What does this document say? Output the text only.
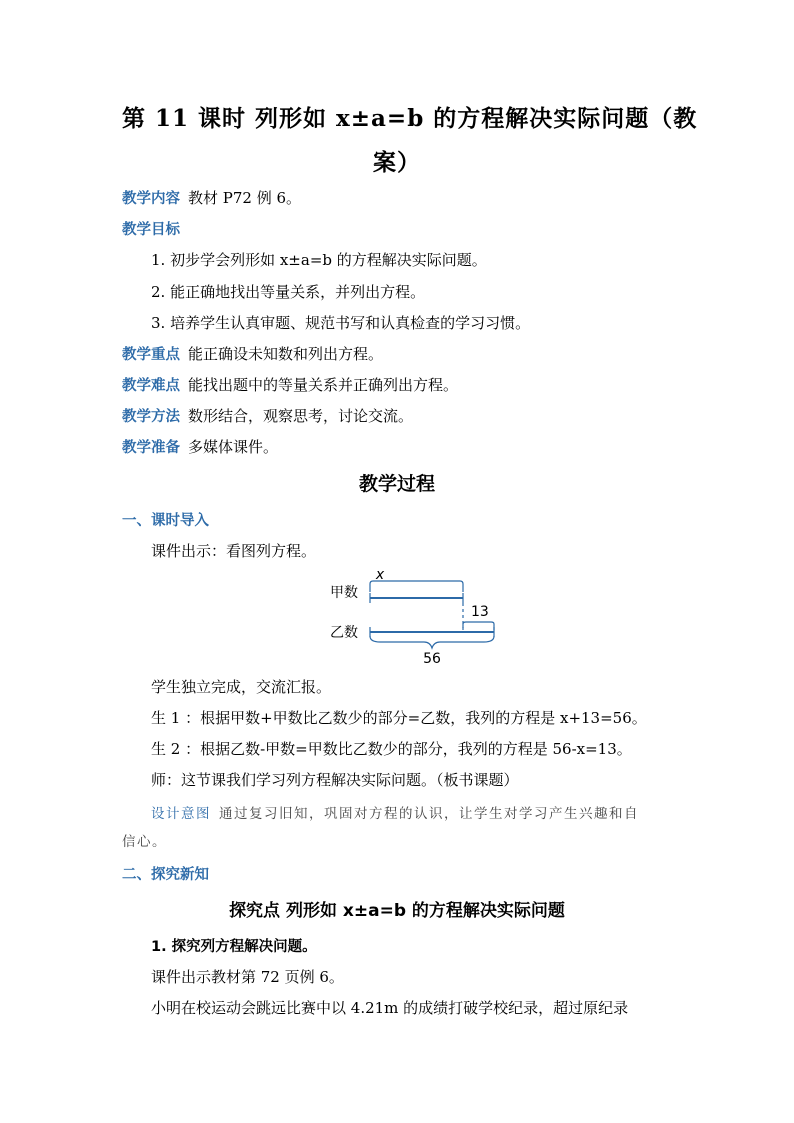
第 11 课时 列形如 x±a=b 的方程解决实际问题（教
案）
教学内容 教材 P72 例 6。
教学目标
1. 初步学会列形如 x±a=b 的方程解决实际问题。
2. 能正确地找出等量关系，并列出方程。
3. 培养学生认真审题、规范书写和认真检查的学习习惯。
教学重点 能正确设未知数和列出方程。
教学难点 能找出题中的等量关系并正确列出方程。
教学方法 数形结合，观察思考，讨论交流。
教学准备 多媒体课件。
教学过程
一、课时导入
课件出示：看图列方程。
x
甲数
13
乙数
56
学生独立完成，交流汇报。
生 1 ：根据甲数+甲数比乙数少的部分=乙数，我列的方程是 x+13=56。
生 2 ：根据乙数-甲数=甲数比乙数少的部分，我列的方程是 56-x=13。
师：这节课我们学习列方程解决实际问题。（板书课题）
设计意图 通过复习旧知，巩固对方程的认识，让学生对学习产生兴趣和自
信心。
二、探究新知
探究点 列形如 x±a=b 的方程解决实际问题
1. 探究列方程解决问题。
课件出示教材第 72 页例 6。
小明在校运动会跳远比赛中以 4.21m 的成绩打破学校纪录，超过原纪录
